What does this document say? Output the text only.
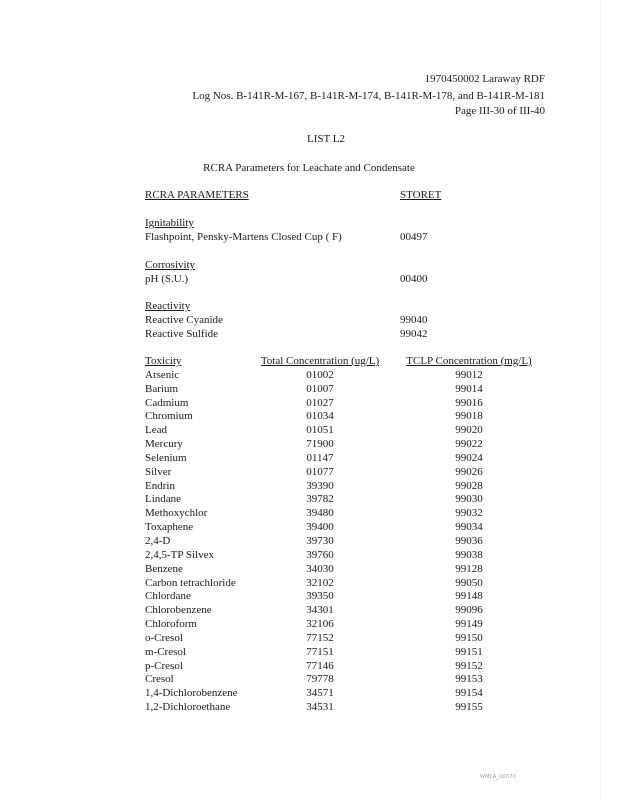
1970450002 Laraway RDF
Log Nos. B-141R-M-167, B-141R-M-174, B-141R-M-178, and B-141R-M-181
Page III-30 of III-40
LIST L2
RCRA Parameters for Leachate and Condensate
RCRA PARAMETERS	STORET
Ignitability
Flashpoint, Pensky-Martens Closed Cup ( F)	00497
Corrosivity
pH (S.U.)	00400
Reactivity
Reactive Cyanide	99040
Reactive Sulfide	99042
Toxicity	Total Concentration (ug/L)	TCLP Concentration (mg/L)
Arsenic	01002	99012
Barium	01007	99014
Cadmium	01027	99016
Chromium	01034	99018
Lead	01051	99020
Mercury	71900	99022
Selenium	01147	99024
Silver	01077	99026
Endrin	39390	99028
Lindane	39782	99030
Methoxychlor	39480	99032
Toxaphene	39400	99034
2,4-D	39730	99036
2,4,5-TP Silvex	39760	99038
Benzene	34030	99128
Carbon tetrachloride	32102	99050
Chlordane	39350	99148
Chlorobenzene	34301	99096
Chloroform	32106	99149
o-Cresol	77152	99150
m-Cresol	77151	99151
p-Cresol	77146	99152
Cresol	79778	99153
1,4-Dichlorobenzene	34571	99154
1,2-Dichloroethane	34531	99155
WMLA_00070
